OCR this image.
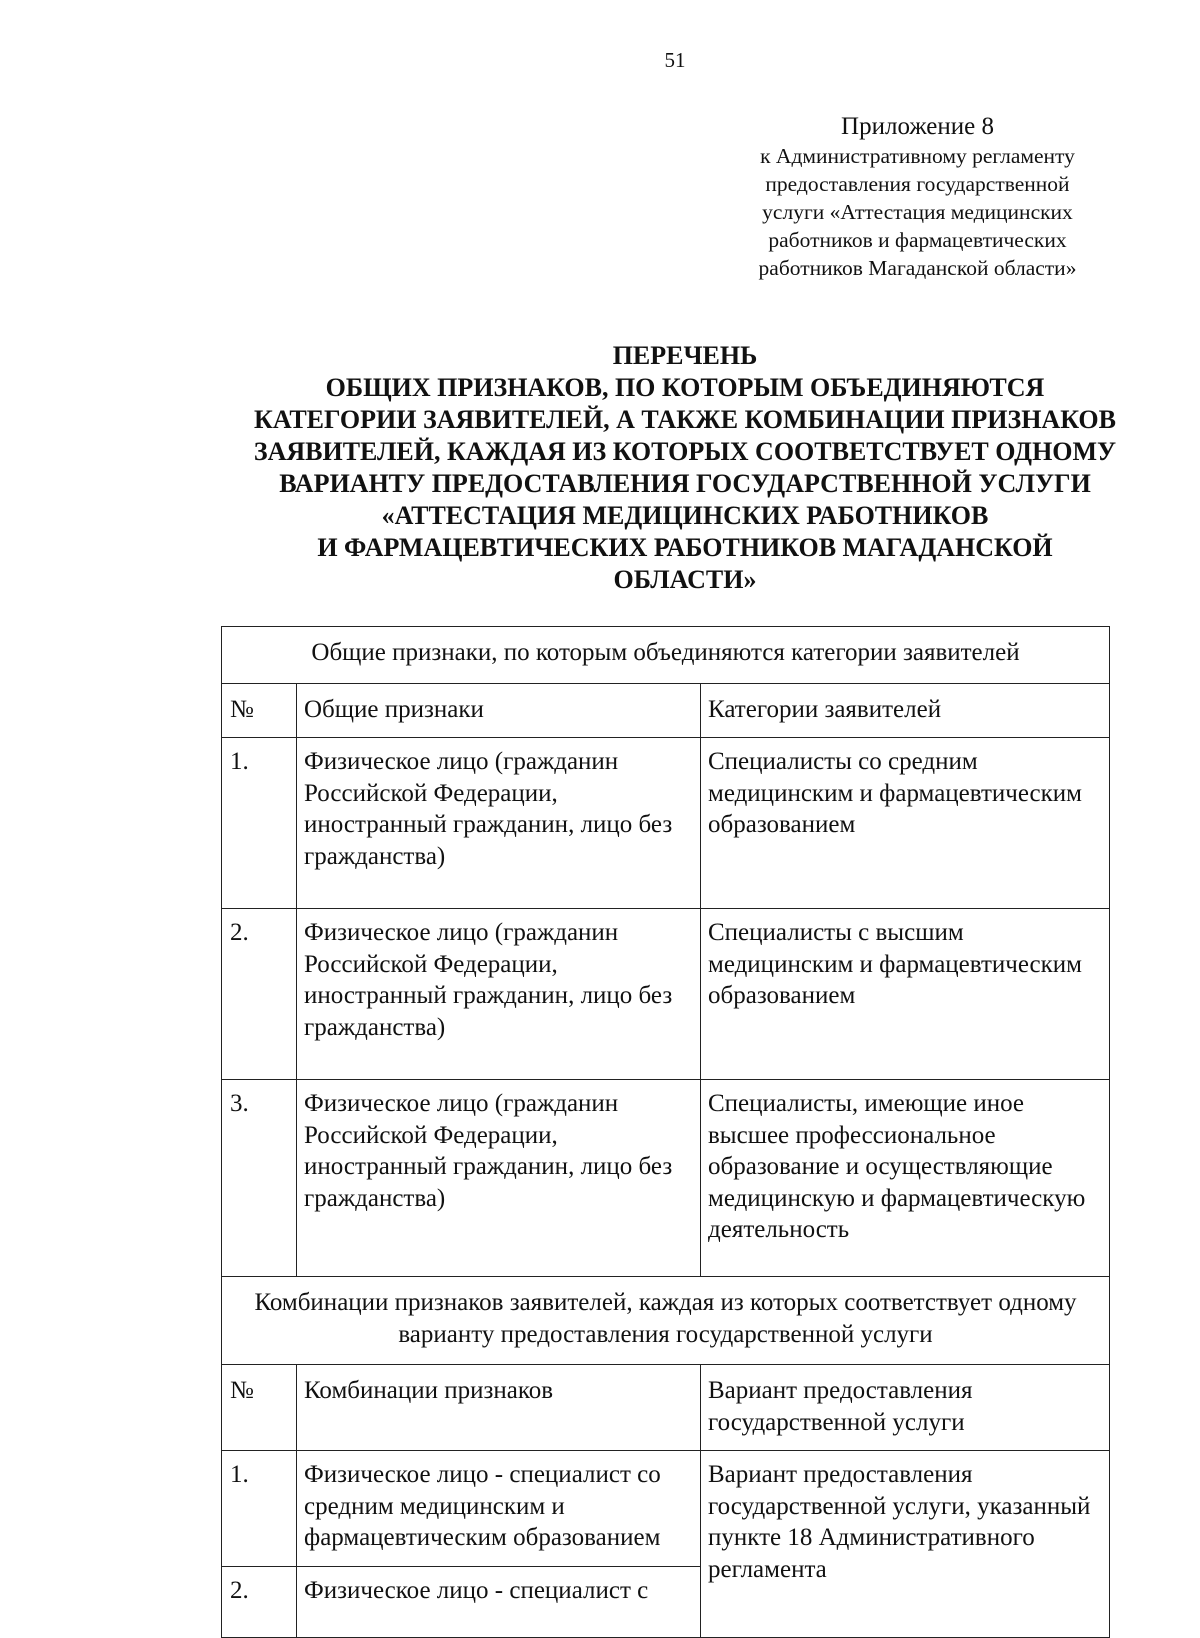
51
Приложение 8
к Административному регламенту
предоставления государственной
услуги «Аттестация медицинских
работников и фармацевтических
работников Магаданской области»
ПЕРЕЧЕНЬ
ОБЩИХ ПРИЗНАКОВ, ПО КОТОРЫМ ОБЪЕДИНЯЮТСЯ
КАТЕГОРИИ ЗАЯВИТЕЛЕЙ, А ТАКЖЕ КОМБИНАЦИИ ПРИЗНАКОВ
ЗАЯВИТЕЛЕЙ, КАЖДАЯ ИЗ КОТОРЫХ СООТВЕТСТВУЕТ ОДНОМУ
ВАРИАНТУ ПРЕДОСТАВЛЕНИЯ ГОСУДАРСТВЕННОЙ УСЛУГИ
«АТТЕСТАЦИЯ МЕДИЦИНСКИХ РАБОТНИКОВ
И ФАРМАЦЕВТИЧЕСКИХ РАБОТНИКОВ МАГАДАНСКОЙ
ОБЛАСТИ»
Общие признаки, по которым объединяются категории заявителей		
№	Общие признаки	Категории заявителей
1.	Физическое лицо (гражданин Российской Федерации, иностранный гражданин, лицо без гражданства)	Специалисты со средним медицинским и фармацевтическим образованием
2.	Физическое лицо (гражданин Российской Федерации, иностранный гражданин, лицо без гражданства)	Специалисты с высшим медицинским и фармацевтическим образованием
3.	Физическое лицо (гражданин Российской Федерации, иностранный гражданин, лицо без гражданства)	Специалисты, имеющие иное высшее профессиональное образование и осуществляющие медицинскую и фармацевтическую деятельность
Комбинации признаков заявителей, каждая из которых соответствует одному варианту предоставления государственной услуги		
№	Комбинации признаков	Вариант предоставления государственной услуги
1.	Физическое лицо - специалист со средним медицинским и фармацевтическим образованием	Вариант предоставления государственной услуги, указанный пункте 18 Административного регламента
2.	Физическое лицо - специалист с	
